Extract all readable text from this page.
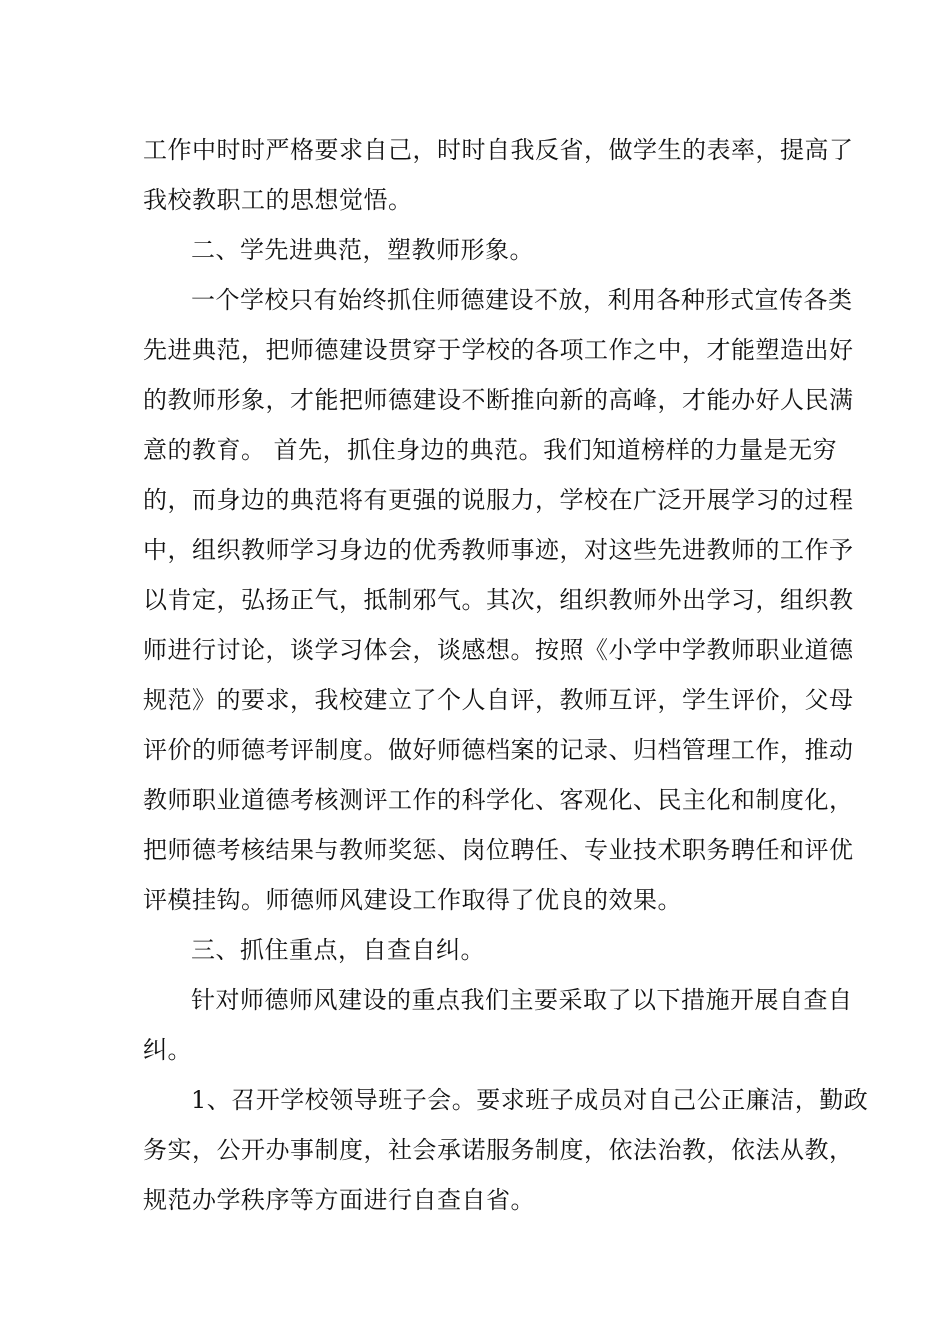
工作中时时严格要求自己，时时自我反省，做学生的表率，提高了
我校教职工的思想觉悟。
二、学先进典范，塑教师形象。
一个学校只有始终抓住师德建设不放，利用各种形式宣传各类
先进典范，把师德建设贯穿于学校的各项工作之中，才能塑造出好
的教师形象，才能把师德建设不断推向新的高峰，才能办好人民满
意的教育。 首先，抓住身边的典范。我们知道榜样的力量是无穷
的，而身边的典范将有更强的说服力，学校在广泛开展学习的过程
中，组织教师学习身边的优秀教师事迹，对这些先进教师的工作予
以肯定，弘扬正气，抵制邪气。其次，组织教师外出学习，组织教
师进行讨论，谈学习体会，谈感想。按照《小学中学教师职业道德
规范》的要求，我校建立了个人自评，教师互评，学生评价，父母
评价的师德考评制度。做好师德档案的记录、归档管理工作，推动
教师职业道德考核测评工作的科学化、客观化、民主化和制度化，
把师德考核结果与教师奖惩、岗位聘任、专业技术职务聘任和评优
评模挂钩。师德师风建设工作取得了优良的效果。
三、抓住重点，自查自纠。
针对师德师风建设的重点我们主要采取了以下措施开展自查自
纠。
1、召开学校领导班子会。要求班子成员对自己公正廉洁，勤政
务实，公开办事制度，社会承诺服务制度，依法治教，依法从教，
规范办学秩序等方面进行自查自省。
